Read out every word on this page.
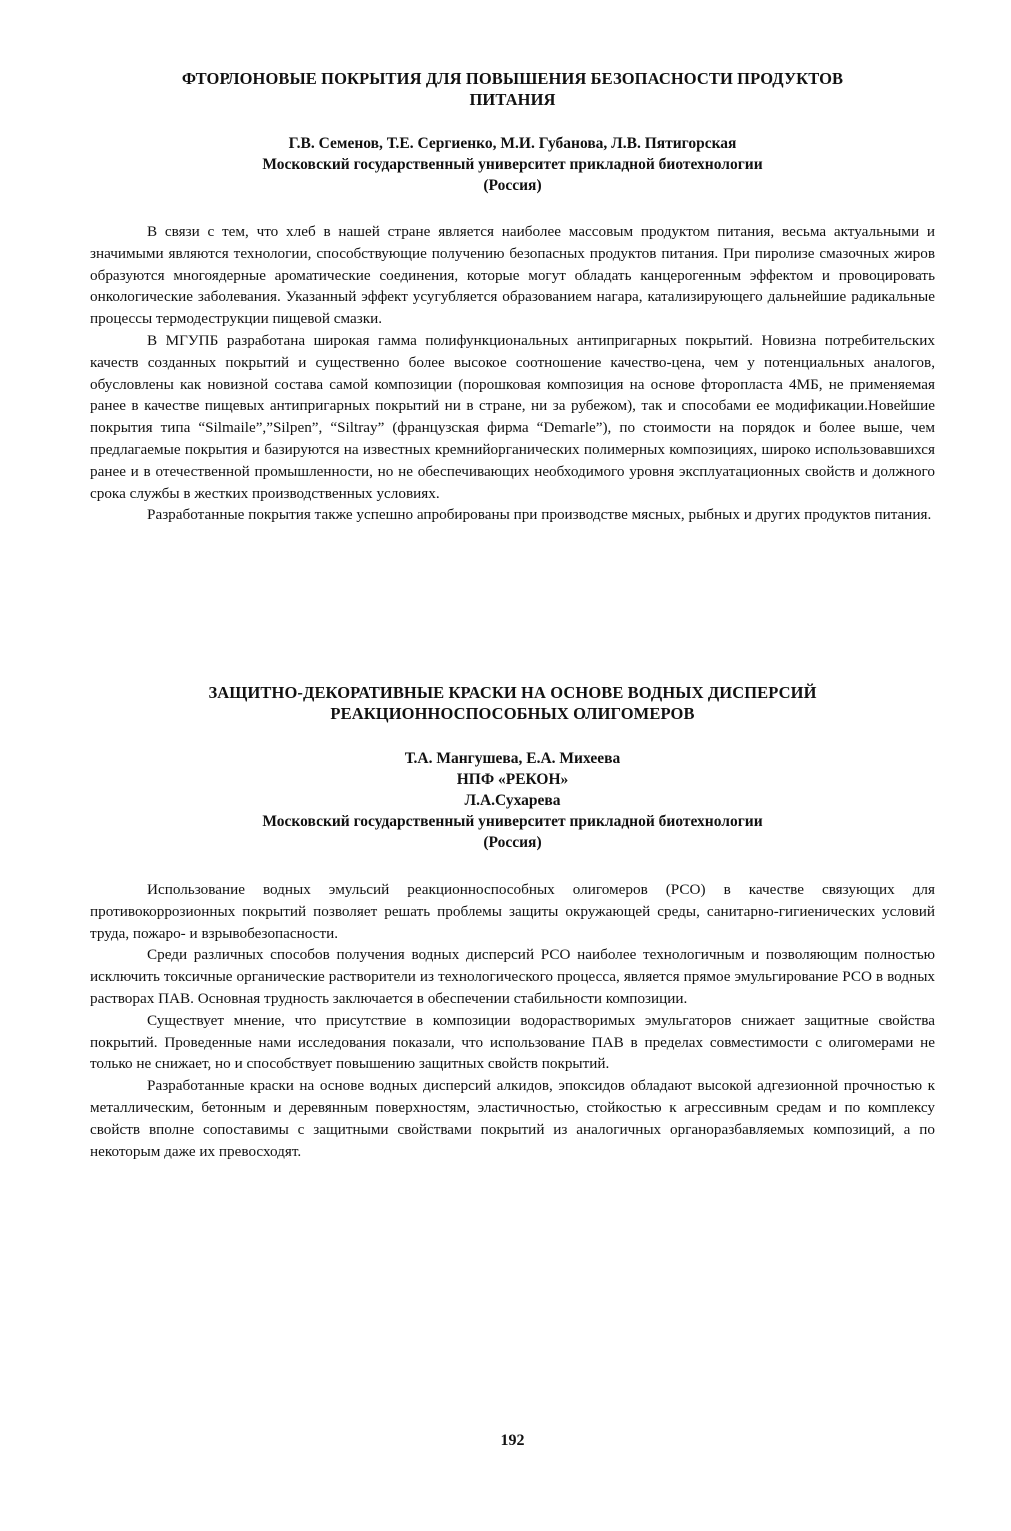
ФТОРЛОНОВЫЕ ПОКРЫТИЯ ДЛЯ ПОВЫШЕНИЯ БЕЗОПАСНОСТИ ПРОДУКТОВ
ПИТАНИЯ
Г.В. Семенов, Т.Е. Сергиенко, М.И. Губанова, Л.В. Пятигорская
Московский государственный университет прикладной биотехнологии
(Россия)

В связи с тем, что хлеб в нашей стране является наиболее массовым продуктом питания, весьма актуальными и значимыми являются технологии, способствующие получению безопасных продуктов питания. При пиролизе смазочных жиров образуются многоядерные ароматические соединения, которые могут обладать канцерогенным эффектом и провоцировать онкологические заболевания. Указанный эффект усугубляется образованием нагара, катализирующего дальнейшие радикальные процессы термодеструкции пищевой смазки.

В МГУПБ разработана широкая гамма полифункциональных антипригарных покрытий. Новизна потребительских качеств созданных покрытий и существенно более высокое соотношение качество-цена, чем у потенциальных аналогов, обусловлены как новизной состава самой композиции (порошковая композиция на основе фторопласта 4МБ, не применяемая ранее в качестве пищевых антипригарных покрытий ни в стране, ни за рубежом), так и способами ее модификации.Новейшие покрытия типа “Silmaile”,”Silpen”, “Siltray” (французская фирма “Demarle”), по стоимости на порядок и более выше, чем предлагаемые покрытия и базируются на известных кремнийорганических полимерных композициях, широко использовавшихся ранее и в отечественной промышленности, но не обеспечивающих необходимого уровня эксплуатационных свойств и должного срока службы в жестких производственных условиях.

Разработанные покрытия также успешно апробированы при производстве мясных, рыбных и других продуктов питания.

ЗАЩИТНО-ДЕКОРАТИВНЫЕ КРАСКИ НА ОСНОВЕ ВОДНЫХ ДИСПЕРСИЙ
РЕАКЦИОННОСПОСОБНЫХ ОЛИГОМЕРОВ
Т.А. Мангушева, Е.А. Михеева
НПФ «РЕКОН»
Л.А.Сухарева
Московский государственный университет прикладной биотехнологии
(Россия)

Использование водных эмульсий реакционноспособных олигомеров (РСО) в качестве связующих для противокоррозионных покрытий позволяет решать проблемы защиты окружающей среды, санитарно-гигиенических условий труда, пожаро- и взрывобезопасности.

Среди различных способов получения водных дисперсий РСО наиболее технологичным и позволяющим полностью исключить токсичные органические растворители из технологического процесса, является прямое эмульгирование РСО в водных растворах ПАВ. Основная трудность заключается в обеспечении стабильности композиции.

Существует мнение, что присутствие в композиции водорастворимых эмульгаторов снижает защитные свойства покрытий. Проведенные нами исследования показали, что использование ПАВ в пределах совместимости с олигомерами не только не снижает, но и способствует повышению защитных свойств покрытий.

Разработанные краски на основе водных дисперсий алкидов, эпоксидов обладают высокой адгезионной прочностью к металлическим, бетонным и деревянным поверхностям, эластичностью, стойкостью к агрессивным средам и по комплексу свойств вполне сопоставимы с защитными свойствами покрытий из аналогичных органоразбавляемых композиций, а по некоторым даже их превосходят.

192
